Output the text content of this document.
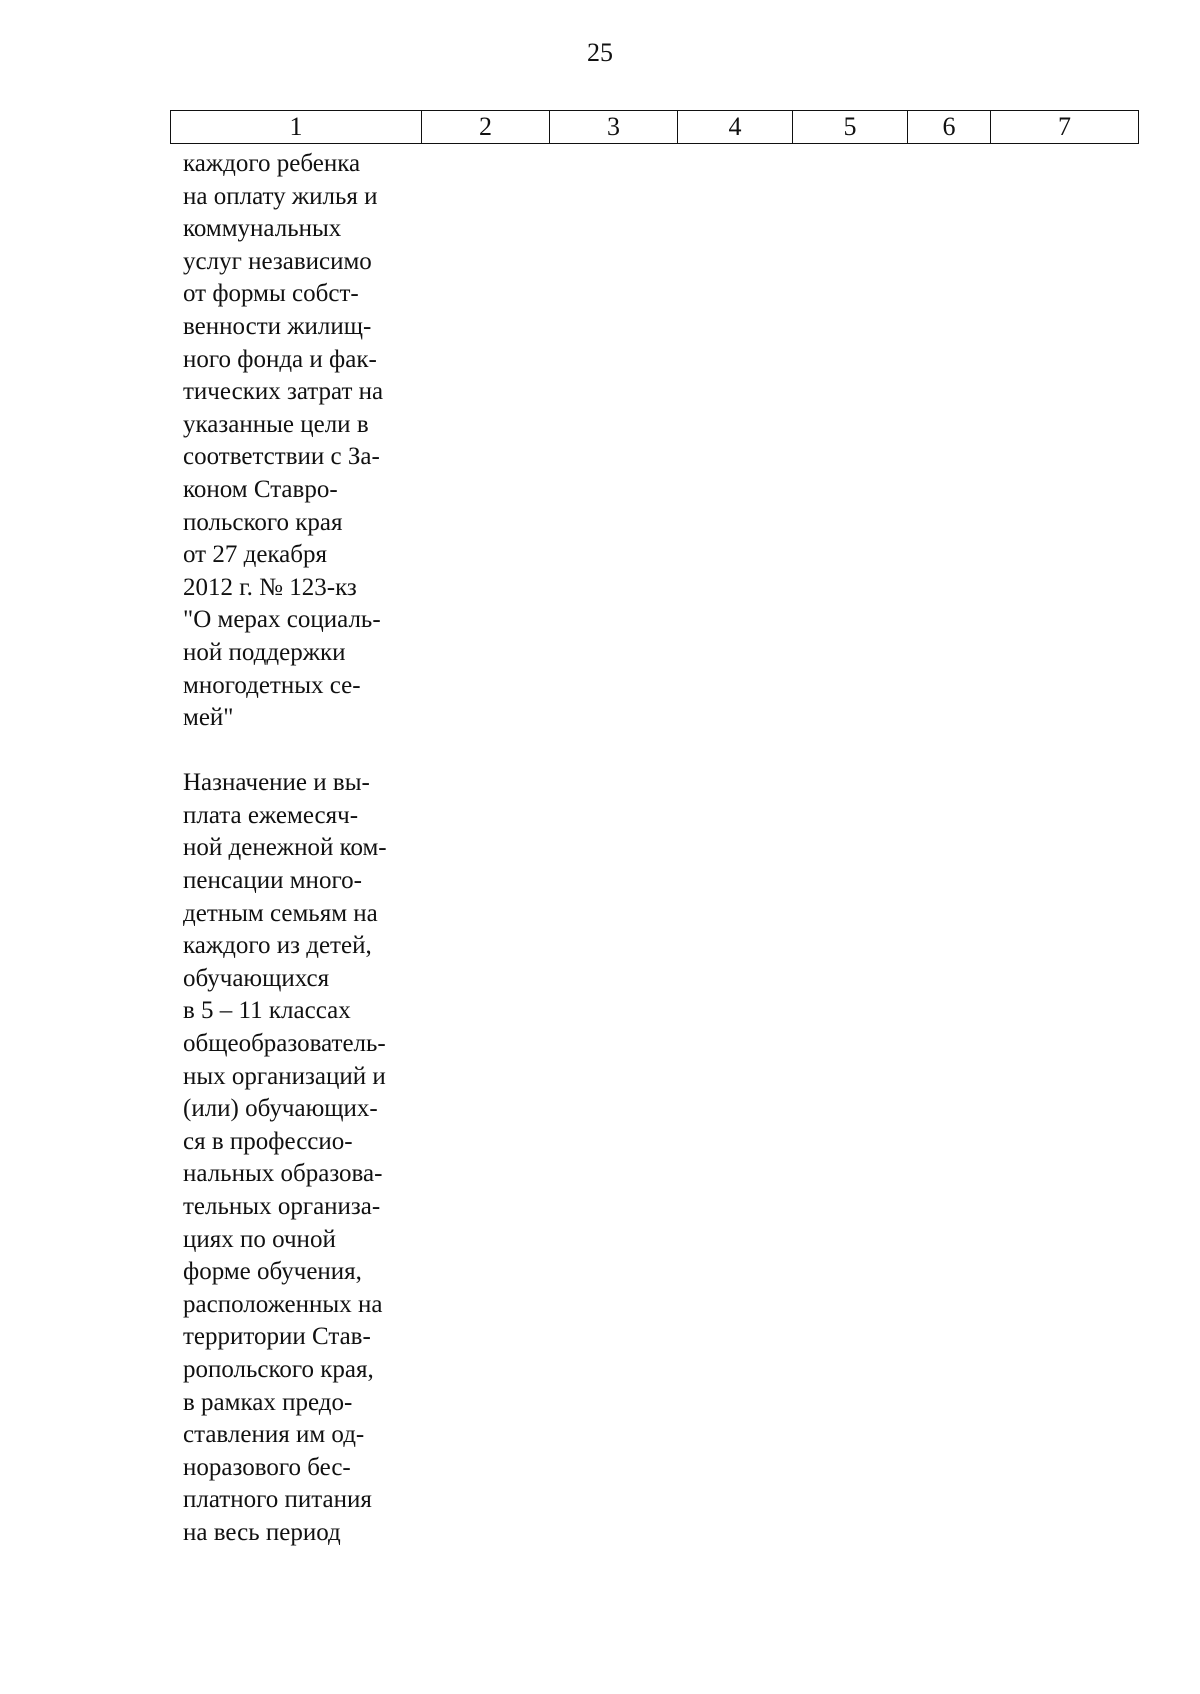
25
1	2	3	4	5	6	7
каждого ребенка
на оплату жилья и
коммунальных
услуг независимо
от формы собст-
венности жилищ-
ного фонда и фак-
тических затрат на
указанные цели в
соответствии с За-
коном Ставро-
польского края
от 27 декабря
2012 г. № 123-кз
"О мерах социаль-
ной поддержки
многодетных се-
мей"
Назначение и вы-
плата ежемесяч-
ной денежной ком-
пенсации много-
детным семьям на
каждого из детей,
обучающихся
в 5 – 11 классах
общеобразователь-
ных организаций и
(или) обучающих-
ся в профессио-
нальных образова-
тельных организа-
циях по очной
форме обучения,
расположенных на
территории Став-
ропольского края,
в рамках предо-
ставления им од-
норазового бес-
платного питания
на весь период
